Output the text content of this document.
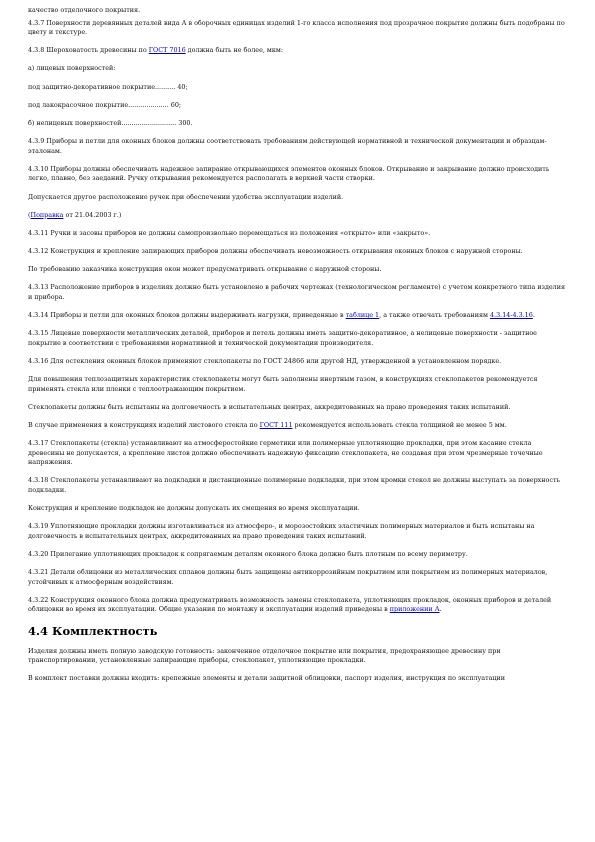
качество отделочного покрытия.
4.3.7 Поверхности деревянных деталей вида А в оборочных единицах изделий 1-го класса исполнения под прозрачное покрытие должны быть подобраны по цвету и текстуре.
4.3.8 Шероховатость древесины по ГОСТ 7016 должна быть не более, мкм:
а) лицевых поверхностей:
под защитно-декоративное покрытие.......... 40;
под лакокрасочное покрытие.................... 60;
б) нелицевых поверхностей........................... 300.
4.3.9 Приборы и петли для оконных блоков должны соответствовать требованиям действующей нормативной и технической документации и образцам-эталонам.
4.3.10 Приборы должны обеспечивать надежное запирание открывающихся элементов оконных блоков. Открывание и закрывание должно происходить легко, плавно, без заеданий. Ручку открывания рекомендуется располагать в верхней части створки.
Допускается другое расположение ручек при обеспечении удобства эксплуатации изделий.
(Поправка от 21.04.2003 г.)
4.3.11 Ручки и засовы приборов не должны самопроизвольно перемещаться из положения «открыто» или «закрыто».
4.3.12 Конструкция и крепление запирающих приборов должны обеспечивать невозможность открывания оконных блоков с наружной стороны.
По требованию заказчика конструкция окон может предусматривать открывание с наружной стороны.
4.3.13 Расположение приборов в изделиях должно быть установлено в рабочих чертежах (технологическом регламенте) с учетом конкретного типа изделия и прибора.
4.3.14 Приборы и петли для оконных блоков должны выдерживать нагрузки, приведенные в таблице 1, а также отвечать требованиям 4.3.14-4.3.16.
4.3.15 Лицевые поверхности металлических деталей, приборов и петель должны иметь защитно-декоративное, а нелицевые поверхности - защитное покрытие в соответствии с требованиями нормативной и технической документации производителя.
4.3.16 Для остекления оконных блоков применяют стеклопакеты по ГОСТ 24866 или другой НД, утвержденной в установленном порядке.
Для повышения теплозащитных характеристик стеклопакеты могут быть заполнены инертным газом, в конструкциях стеклопакетов рекомендуется применять стекла или пленки с теплоотражающим покрытием.
Стеклопакеты должны быть испытаны на долговечность в испытательных центрах, аккредитованных на право проведения таких испытаний.
В случае применения в конструкциях изделий листового стекла по ГОСТ 111 рекомендуется использовать стекла толщиной не менее 5 мм.
4.3.17 Стеклопакеты (стекла) устанавливают на атмосферостойкие герметики или полимерные уплотняющие прокладки, при этом касание стекла древесины не допускается, а крепление листов должно обеспечивать надежную фиксацию стеклопакета, не создавая при этом чрезмерные точечные напряжения.
4.3.18 Стеклопакеты устанавливают на подкладки и дистанционные полимерные подкладки, при этом кромки стекол не должны выступать за поверхность подкладки.
Конструкция и крепление подкладок не должны допускать их смещения во время эксплуатации.
4.3.19 Уплотняющие прокладки должны изготавливаться из атмосферо-, и морозостойких эластичных полимерных материалов и быть испытаны на долговечность в испытательных центрах, аккредитованных на право проведения таких испытаний.
4.3.20 Прилегание уплотняющих прокладок к сопрягаемым деталям оконного блока должно быть плотным по всему периметру.
4.3.21 Детали облицовки из металлических сплавов должны быть защищены антикоррозийным покрытием или покрытием из полимерных материалов, устойчивых к атмосферным воздействиям.
4.3.22 Конструкция оконного блока должна предусматривать возможность замены стеклопакета, уплотняющих прокладок, оконных приборов и деталей облицовки во время их эксплуатации. Общие указания по монтажу и эксплуатации изделий приведены в приложении А.
4.4 Комплектность
Изделия должны иметь полную заводскую готовность: законченное отделочное покрытие или покрытия, предохраняющее древесину при транспортировании, установленные запирающие приборы, стеклопакет, уплотняющие прокладки.
В комплект поставки должны входить: крепежные элементы и детали защитной облицовки, паспорт изделия, инструкция по эксплуатации
